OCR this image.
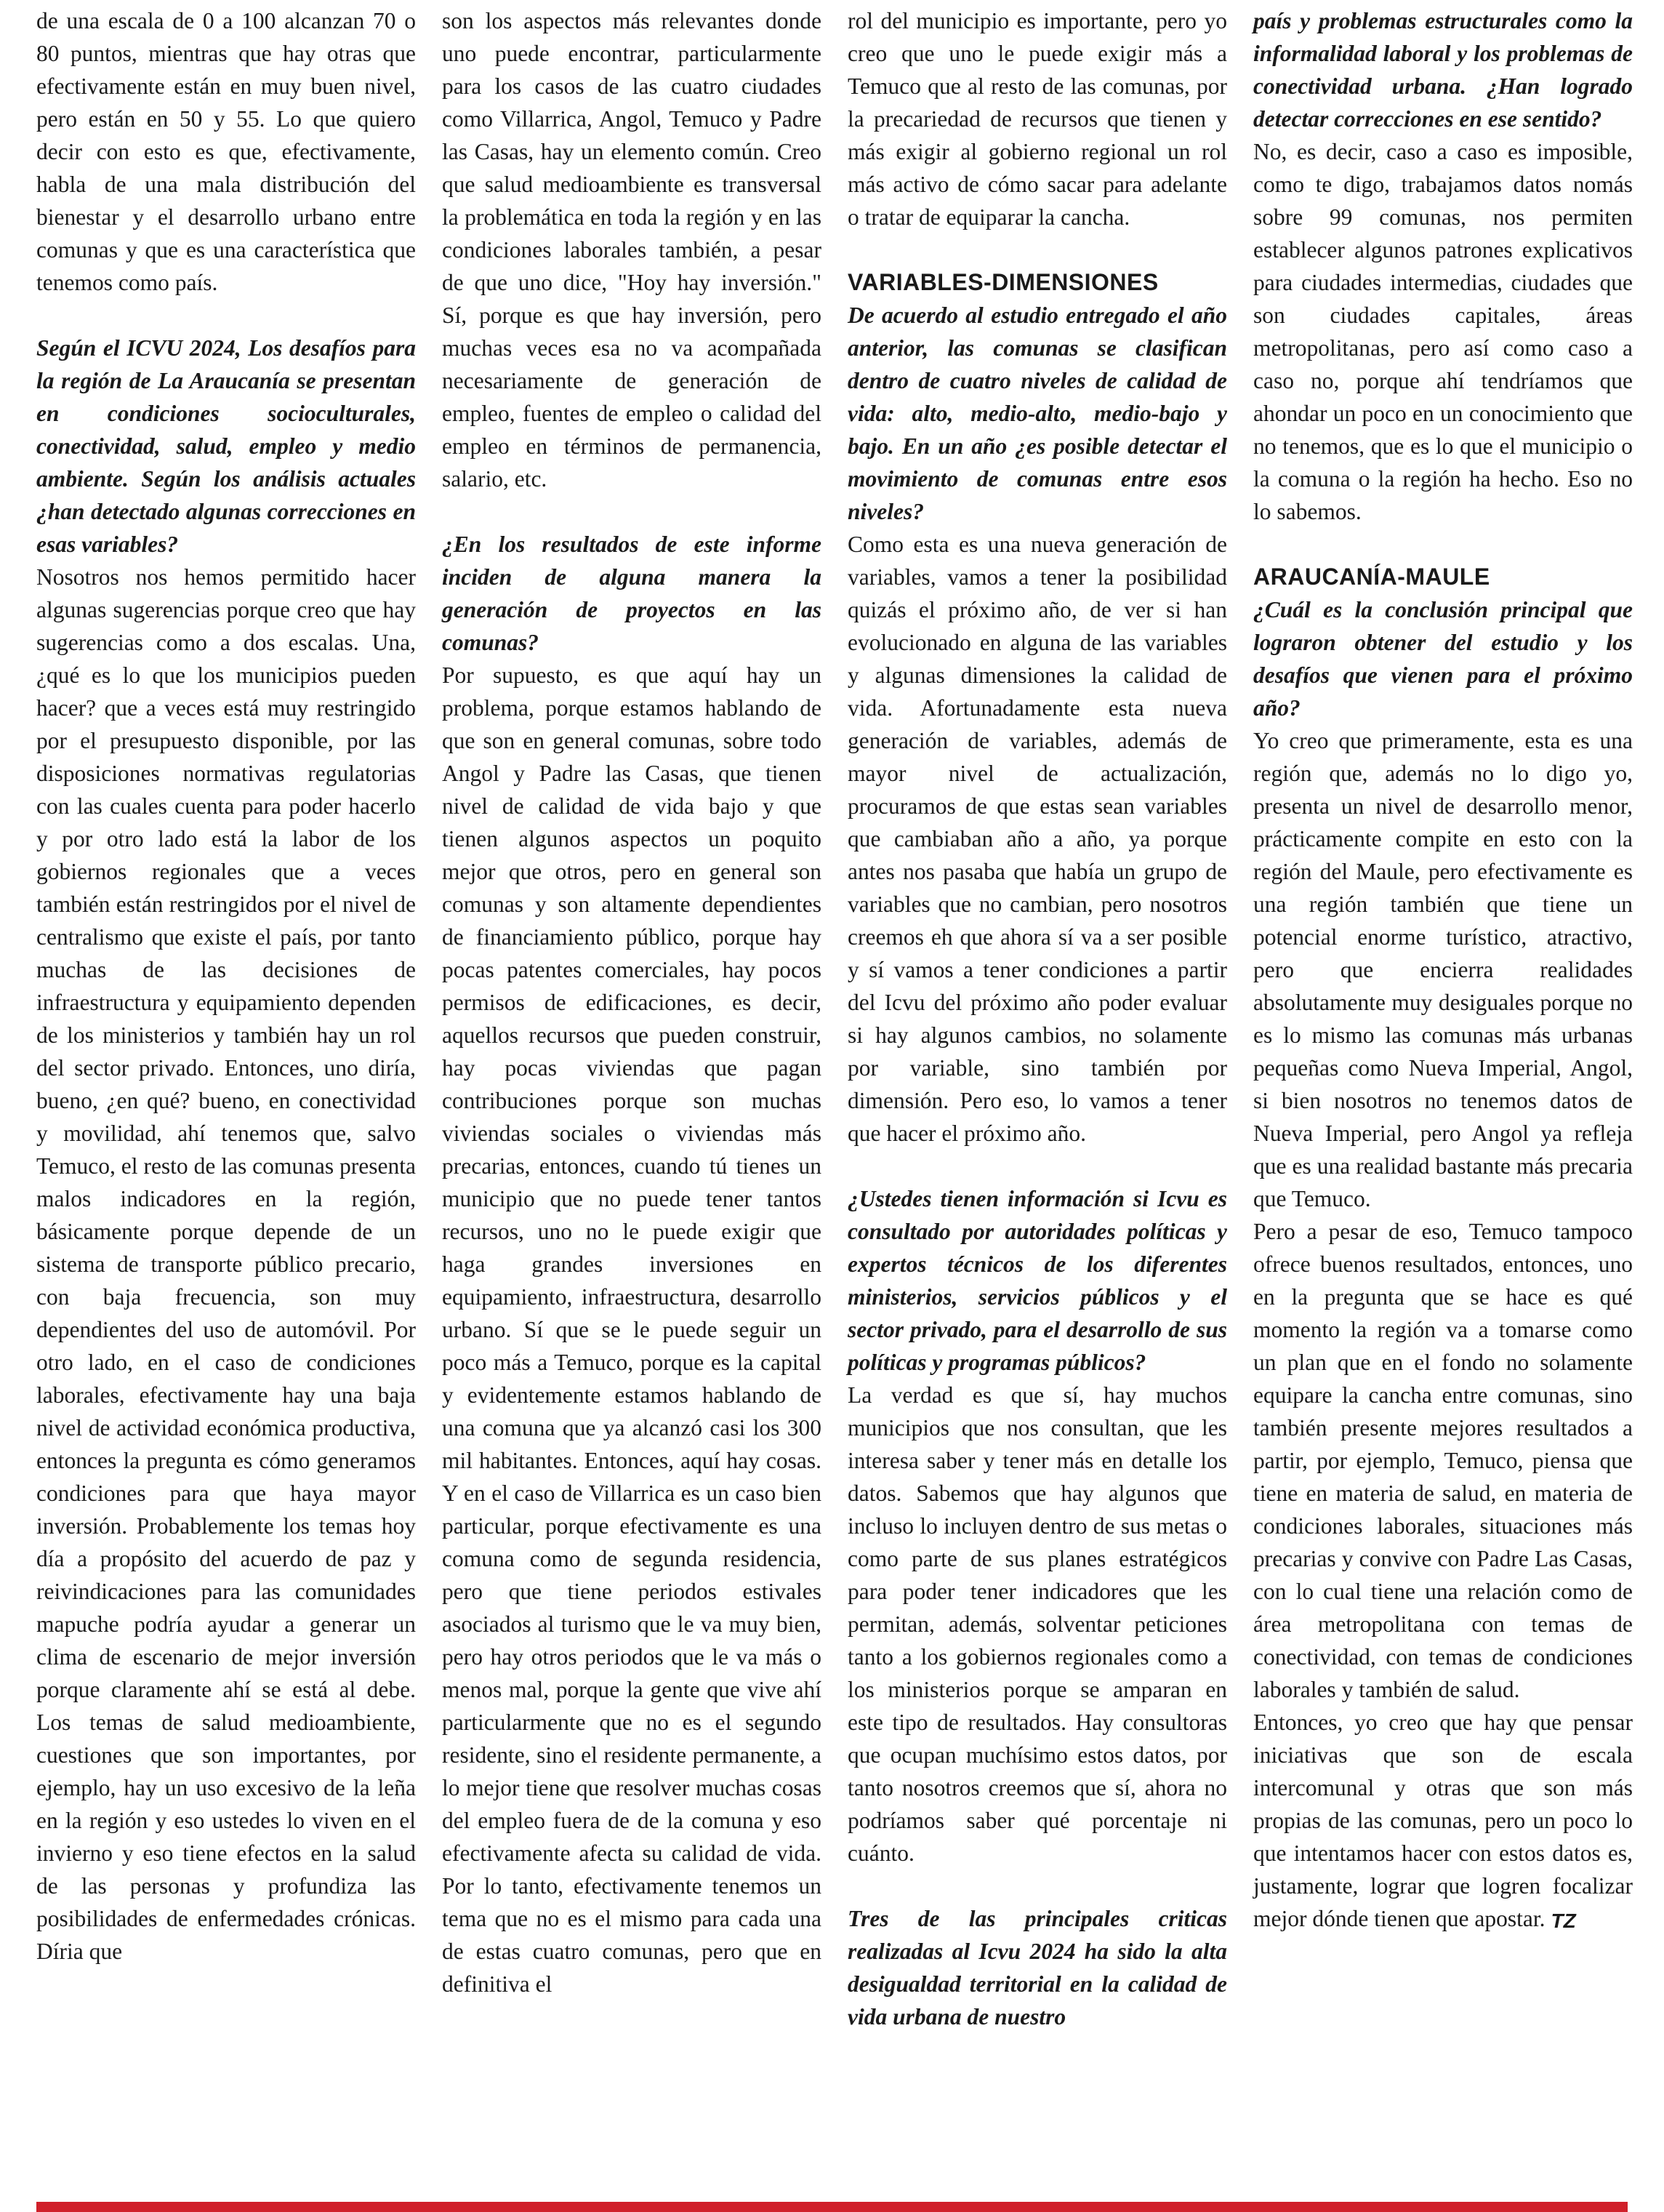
de una escala de 0 a 100 alcanzan 70 o 80 puntos, mientras que hay otras que efectivamente están en muy buen nivel, pero están en 50 y 55. Lo que quiero decir con esto es que, efectivamente, habla de una mala distribución del bienestar y el desarrollo urbano entre comunas y que es una característica que tenemos como país.

Según el ICVU 2024, Los desafíos para la región de La Araucanía se presentan en condiciones socioculturales, conectividad, salud, empleo y medio ambiente. Según los análisis actuales ¿han detectado algunas correcciones en esas variables?

Nosotros nos hemos permitido hacer algunas sugerencias porque creo que hay sugerencias como a dos escalas. Una, ¿qué es lo que los municipios pueden hacer? que a veces está muy restringido por el presupuesto disponible, por las disposiciones normativas regulatorias con las cuales cuenta para poder hacerlo y por otro lado está la labor de los gobiernos regionales que a veces también están restringidos por el nivel de centralismo que existe el país, por tanto muchas de las decisiones de infraestructura y equipamiento dependen de los ministerios y también hay un rol del sector privado. Entonces, uno diría, bueno, ¿en qué? bueno, en conectividad y movilidad, ahí tenemos que, salvo Temuco, el resto de las comunas presenta malos indicadores en la región, básicamente porque depende de un sistema de transporte público precario, con baja frecuencia, son muy dependientes del uso de automóvil. Por otro lado, en el caso de condiciones laborales, efectivamente hay una baja nivel de actividad económica productiva, entonces la pregunta es cómo generamos condiciones para que haya mayor inversión. Probablemente los temas hoy día a propósito del acuerdo de paz y reivindicaciones para las comunidades mapuche podría ayudar a generar un clima de escenario de mejor inversión porque claramente ahí se está al debe. Los temas de salud medioambiente, cuestiones que son importantes, por ejemplo, hay un uso excesivo de la leña en la región y eso ustedes lo viven en el invierno y eso tiene efectos en la salud de las personas y profundiza las posibilidades de enfermedades crónicas. Díria que

son los aspectos más relevantes donde uno puede encontrar, particularmente para los casos de las cuatro ciudades como Villarrica, Angol, Temuco y Padre las Casas, hay un elemento común. Creo que salud medioambiente es transversal la problemática en toda la región y en las condiciones laborales también, a pesar de que uno dice, "Hoy hay inversión." Sí, porque es que hay inversión, pero muchas veces esa no va acompañada necesariamente de generación de empleo, fuentes de empleo o calidad del empleo en términos de permanencia, salario, etc.

¿En los resultados de este informe inciden de alguna manera la generación de proyectos en las comunas?

Por supuesto, es que aquí hay un problema, porque estamos hablando de que son en general comunas, sobre todo Angol y Padre las Casas, que tienen nivel de calidad de vida bajo y que tienen algunos aspectos un poquito mejor que otros, pero en general son comunas y son altamente dependientes de financiamiento público, porque hay pocas patentes comerciales, hay pocos permisos de edificaciones, es decir, aquellos recursos que pueden construir, hay pocas viviendas que pagan contribuciones porque son muchas viviendas sociales o viviendas más precarias, entonces, cuando tú tienes un municipio que no puede tener tantos recursos, uno no le puede exigir que haga grandes inversiones en equipamiento, infraestructura, desarrollo urbano. Sí que se le puede seguir un poco más a Temuco, porque es la capital y evidentemente estamos hablando de una comuna que ya alcanzó casi los 300 mil habitantes. Entonces, aquí hay cosas. Y en el caso de Villarrica es un caso bien particular, porque efectivamente es una comuna como de segunda residencia, pero que tiene periodos estivales asociados al turismo que le va muy bien, pero hay otros periodos que le va más o menos mal, porque la gente que vive ahí particularmente que no es el segundo residente, sino el residente permanente, a lo mejor tiene que resolver muchas cosas del empleo fuera de de la comuna y eso efectivamente afecta su calidad de vida. Por lo tanto, efectivamente tenemos un tema que no es el mismo para cada una de estas cuatro comunas, pero que en definitiva el

rol del municipio es importante, pero yo creo que uno le puede exigir más a Temuco que al resto de las comunas, por la precariedad de recursos que tienen y más exigir al gobierno regional un rol más activo de cómo sacar para adelante o tratar de equiparar la cancha.

VARIABLES-DIMENSIONES

De acuerdo al estudio entregado el año anterior, las comunas se clasifican dentro de cuatro niveles de calidad de vida: alto, medio-alto, medio-bajo y bajo. En un año ¿es posible detectar el movimiento de comunas entre esos niveles?

Como esta es una nueva generación de variables, vamos a tener la posibilidad quizás el próximo año, de ver si han evolucionado en alguna de las variables y algunas dimensiones la calidad de vida. Afortunadamente esta nueva generación de variables, además de mayor nivel de actualización, procuramos de que estas sean variables que cambiaban año a año, ya porque antes nos pasaba que había un grupo de variables que no cambian, pero nosotros creemos eh que ahora sí va a ser posible y sí vamos a tener condiciones a partir del Icvu del próximo año poder evaluar si hay algunos cambios, no solamente por variable, sino también por dimensión. Pero eso, lo vamos a tener que hacer el próximo año.

¿Ustedes tienen información si Icvu es consultado por autoridades políticas y expertos técnicos de los diferentes ministerios, servicios públicos y el sector privado, para el desarrollo de sus políticas y programas públicos?

La verdad es que sí, hay muchos municipios que nos consultan, que les interesa saber y tener más en detalle los datos. Sabemos que hay algunos que incluso lo incluyen dentro de sus metas o como parte de sus planes estratégicos para poder tener indicadores que les permitan, además, solventar peticiones tanto a los gobiernos regionales como a los ministerios porque se amparan en este tipo de resultados. Hay consultoras que ocupan muchísimo estos datos, por tanto nosotros creemos que sí, ahora no podríamos saber qué porcentaje ni cuánto.

Tres de las principales criticas realizadas al Icvu 2024 ha sido la alta desigualdad territorial en la calidad de vida urbana de nuestro

país y problemas estructurales como la informalidad laboral y los problemas de conectividad urbana. ¿Han logrado detectar correcciones en ese sentido?

No, es decir, caso a caso es imposible, como te digo, trabajamos datos nomás sobre 99 comunas, nos permiten establecer algunos patrones explicativos para ciudades intermedias, ciudades que son ciudades capitales, áreas metropolitanas, pero así como caso a caso no, porque ahí tendríamos que ahondar un poco en un conocimiento que no tenemos, que es lo que el municipio o la comuna o la región ha hecho. Eso no lo sabemos.

ARAUCANÍA-MAULE

¿Cuál es la conclusión principal que lograron obtener del estudio y los desafíos que vienen para el próximo año?

Yo creo que primeramente, esta es una región que, además no lo digo yo, presenta un nivel de desarrollo menor, prácticamente compite en esto con la región del Maule, pero efectivamente es una región también que tiene un potencial enorme turístico, atractivo, pero que encierra realidades absolutamente muy desiguales porque no es lo mismo las comunas más urbanas pequeñas como Nueva Imperial, Angol, si bien nosotros no tenemos datos de Nueva Imperial, pero Angol ya refleja que es una realidad bastante más precaria que Temuco.

Pero a pesar de eso, Temuco tampoco ofrece buenos resultados, entonces, uno en la pregunta que se hace es qué momento la región va a tomarse como un plan que en el fondo no solamente equipare la cancha entre comunas, sino también presente mejores resultados a partir, por ejemplo, Temuco, piensa que tiene en materia de salud, en materia de condiciones laborales, situaciones más precarias y convive con Padre Las Casas, con lo cual tiene una relación como de área metropolitana con temas de conectividad, con temas de condiciones laborales y también de salud.

Entonces, yo creo que hay que pensar iniciativas que son de escala intercomunal y otras que son más propias de las comunas, pero un poco lo que intentamos hacer con estos datos es, justamente, lograr que logren focalizar mejor dónde tienen que apostar. TZ
